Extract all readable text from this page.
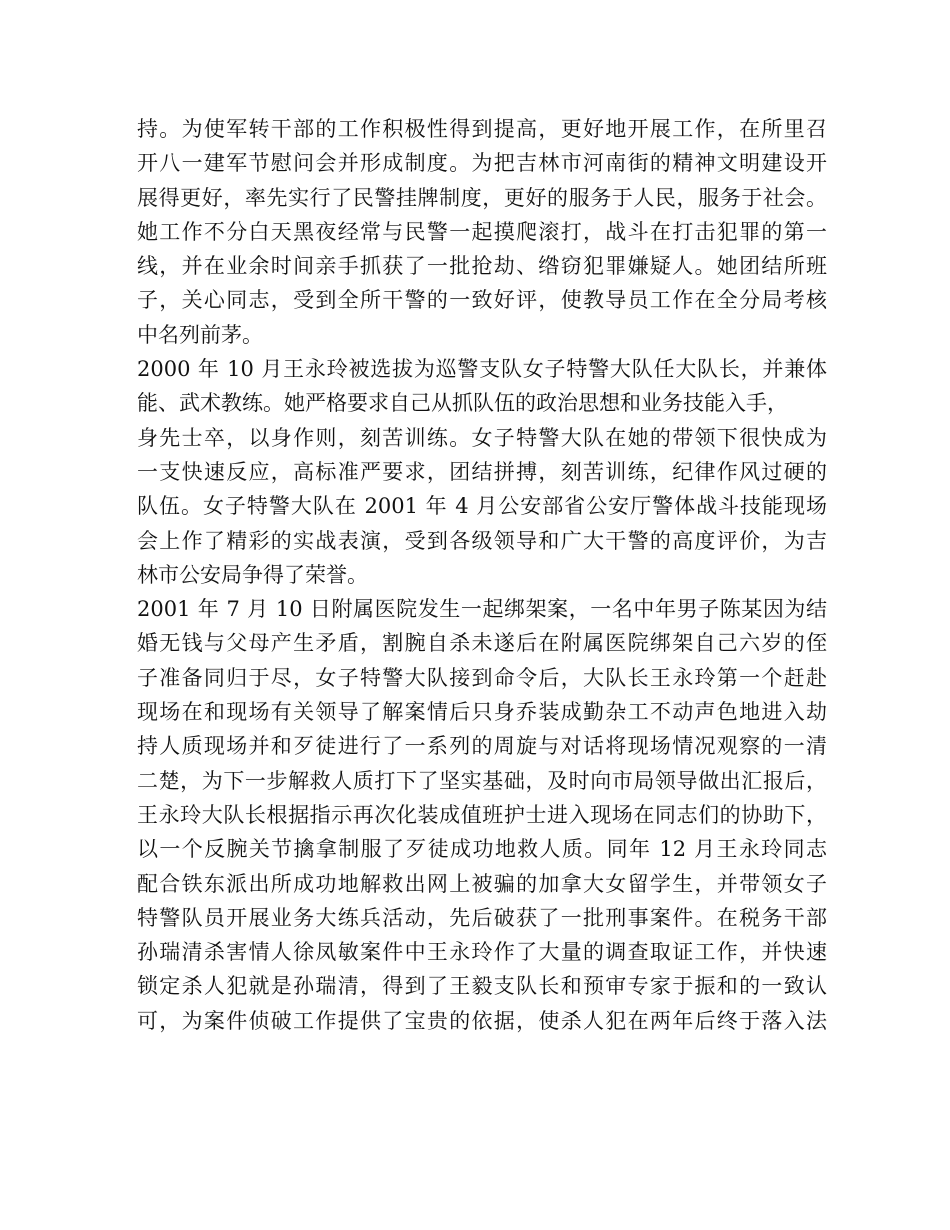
持。为使军转干部的工作积极性得到提高，更好地开展工作，在所里召
开八一建军节慰问会并形成制度。为把吉林市河南街的精神文明建设开
展得更好，率先实行了民警挂牌制度，更好的服务于人民，服务于社会。
她工作不分白天黑夜经常与民警一起摸爬滚打，战斗在打击犯罪的第一
线，并在业余时间亲手抓获了一批抢劫、绺窃犯罪嫌疑人。她团结所班
子，关心同志，受到全所干警的一致好评，使教导员工作在全分局考核
中名列前茅。
2000 年 10 月王永玲被选拔为巡警支队女子特警大队任大队长，并兼体
能、武术教练。她严格要求自己从抓队伍的政治思想和业务技能入手，
身先士卒，以身作则，刻苦训练。女子特警大队在她的带领下很快成为
一支快速反应，高标准严要求，团结拼搏，刻苦训练，纪律作风过硬的
队伍。女子特警大队在 2001 年 4 月公安部省公安厅警体战斗技能现场
会上作了精彩的实战表演，受到各级领导和广大干警的高度评价，为吉
林市公安局争得了荣誉。
2001 年 7 月 10 日附属医院发生一起绑架案，一名中年男子陈某因为结
婚无钱与父母产生矛盾，割腕自杀未遂后在附属医院绑架自己六岁的侄
子准备同归于尽，女子特警大队接到命令后，大队长王永玲第一个赶赴
现场在和现场有关领导了解案情后只身乔装成勤杂工不动声色地进入劫
持人质现场并和歹徒进行了一系列的周旋与对话将现场情况观察的一清
二楚，为下一步解救人质打下了坚实基础，及时向市局领导做出汇报后，
王永玲大队长根据指示再次化装成值班护士进入现场在同志们的协助下，
以一个反腕关节擒拿制服了歹徒成功地救人质。同年 12 月王永玲同志
配合铁东派出所成功地解救出网上被骗的加拿大女留学生，并带领女子
特警队员开展业务大练兵活动，先后破获了一批刑事案件。在税务干部
孙瑞清杀害情人徐凤敏案件中王永玲作了大量的调查取证工作，并快速
锁定杀人犯就是孙瑞清，得到了王毅支队长和预审专家于振和的一致认
可，为案件侦破工作提供了宝贵的依据，使杀人犯在两年后终于落入法
